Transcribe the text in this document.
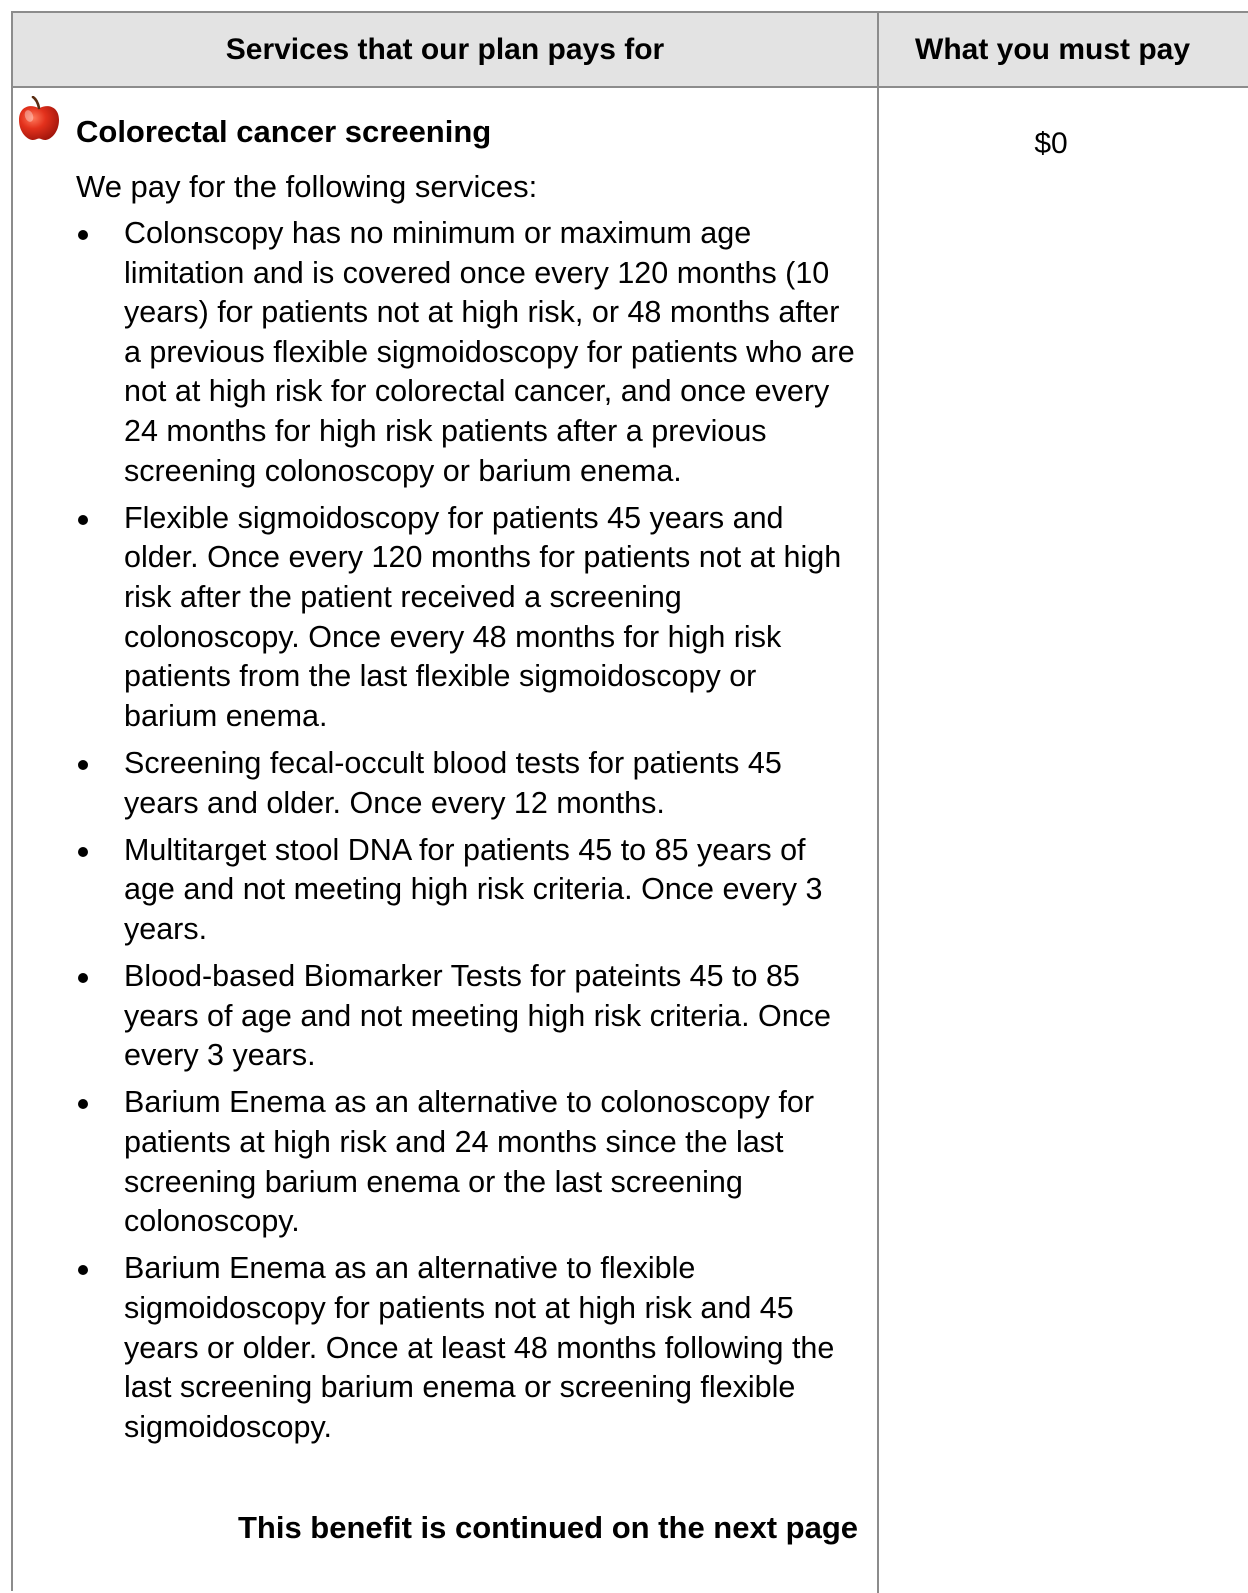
Services that our plan pays for	What you must pay
Colorectal cancer screening
We pay for the following services:
Colonscopy has no minimum or maximum age limitation and is covered once every 120 months (10 years) for patients not at high risk, or 48 months after a previous flexible sigmoidoscopy for patients who are not at high risk for colorectal cancer, and once every 24 months for high risk patients after a previous screening colonoscopy or barium enema.
Flexible sigmoidoscopy for patients 45 years and older. Once every 120 months for patients not at high risk after the patient received a screening colonoscopy. Once every 48 months for high risk patients from the last flexible sigmoidoscopy or barium enema.
Screening fecal-occult blood tests for patients 45 years and older. Once every 12 months.
Multitarget stool DNA for patients 45 to 85 years of age and not meeting high risk criteria. Once every 3 years.
Blood-based Biomarker Tests for pateints 45 to 85 years of age and not meeting high risk criteria. Once every 3 years.
Barium Enema as an alternative to colonoscopy for patients at high risk and 24 months since the last screening barium enema or the last screening colonoscopy.
Barium Enema as an alternative to flexible sigmoidoscopy for patients not at high risk and 45 years or older. Once at least 48 months following the last screening barium enema or screening flexible sigmoidoscopy.
This benefit is continued on the next page
$0
